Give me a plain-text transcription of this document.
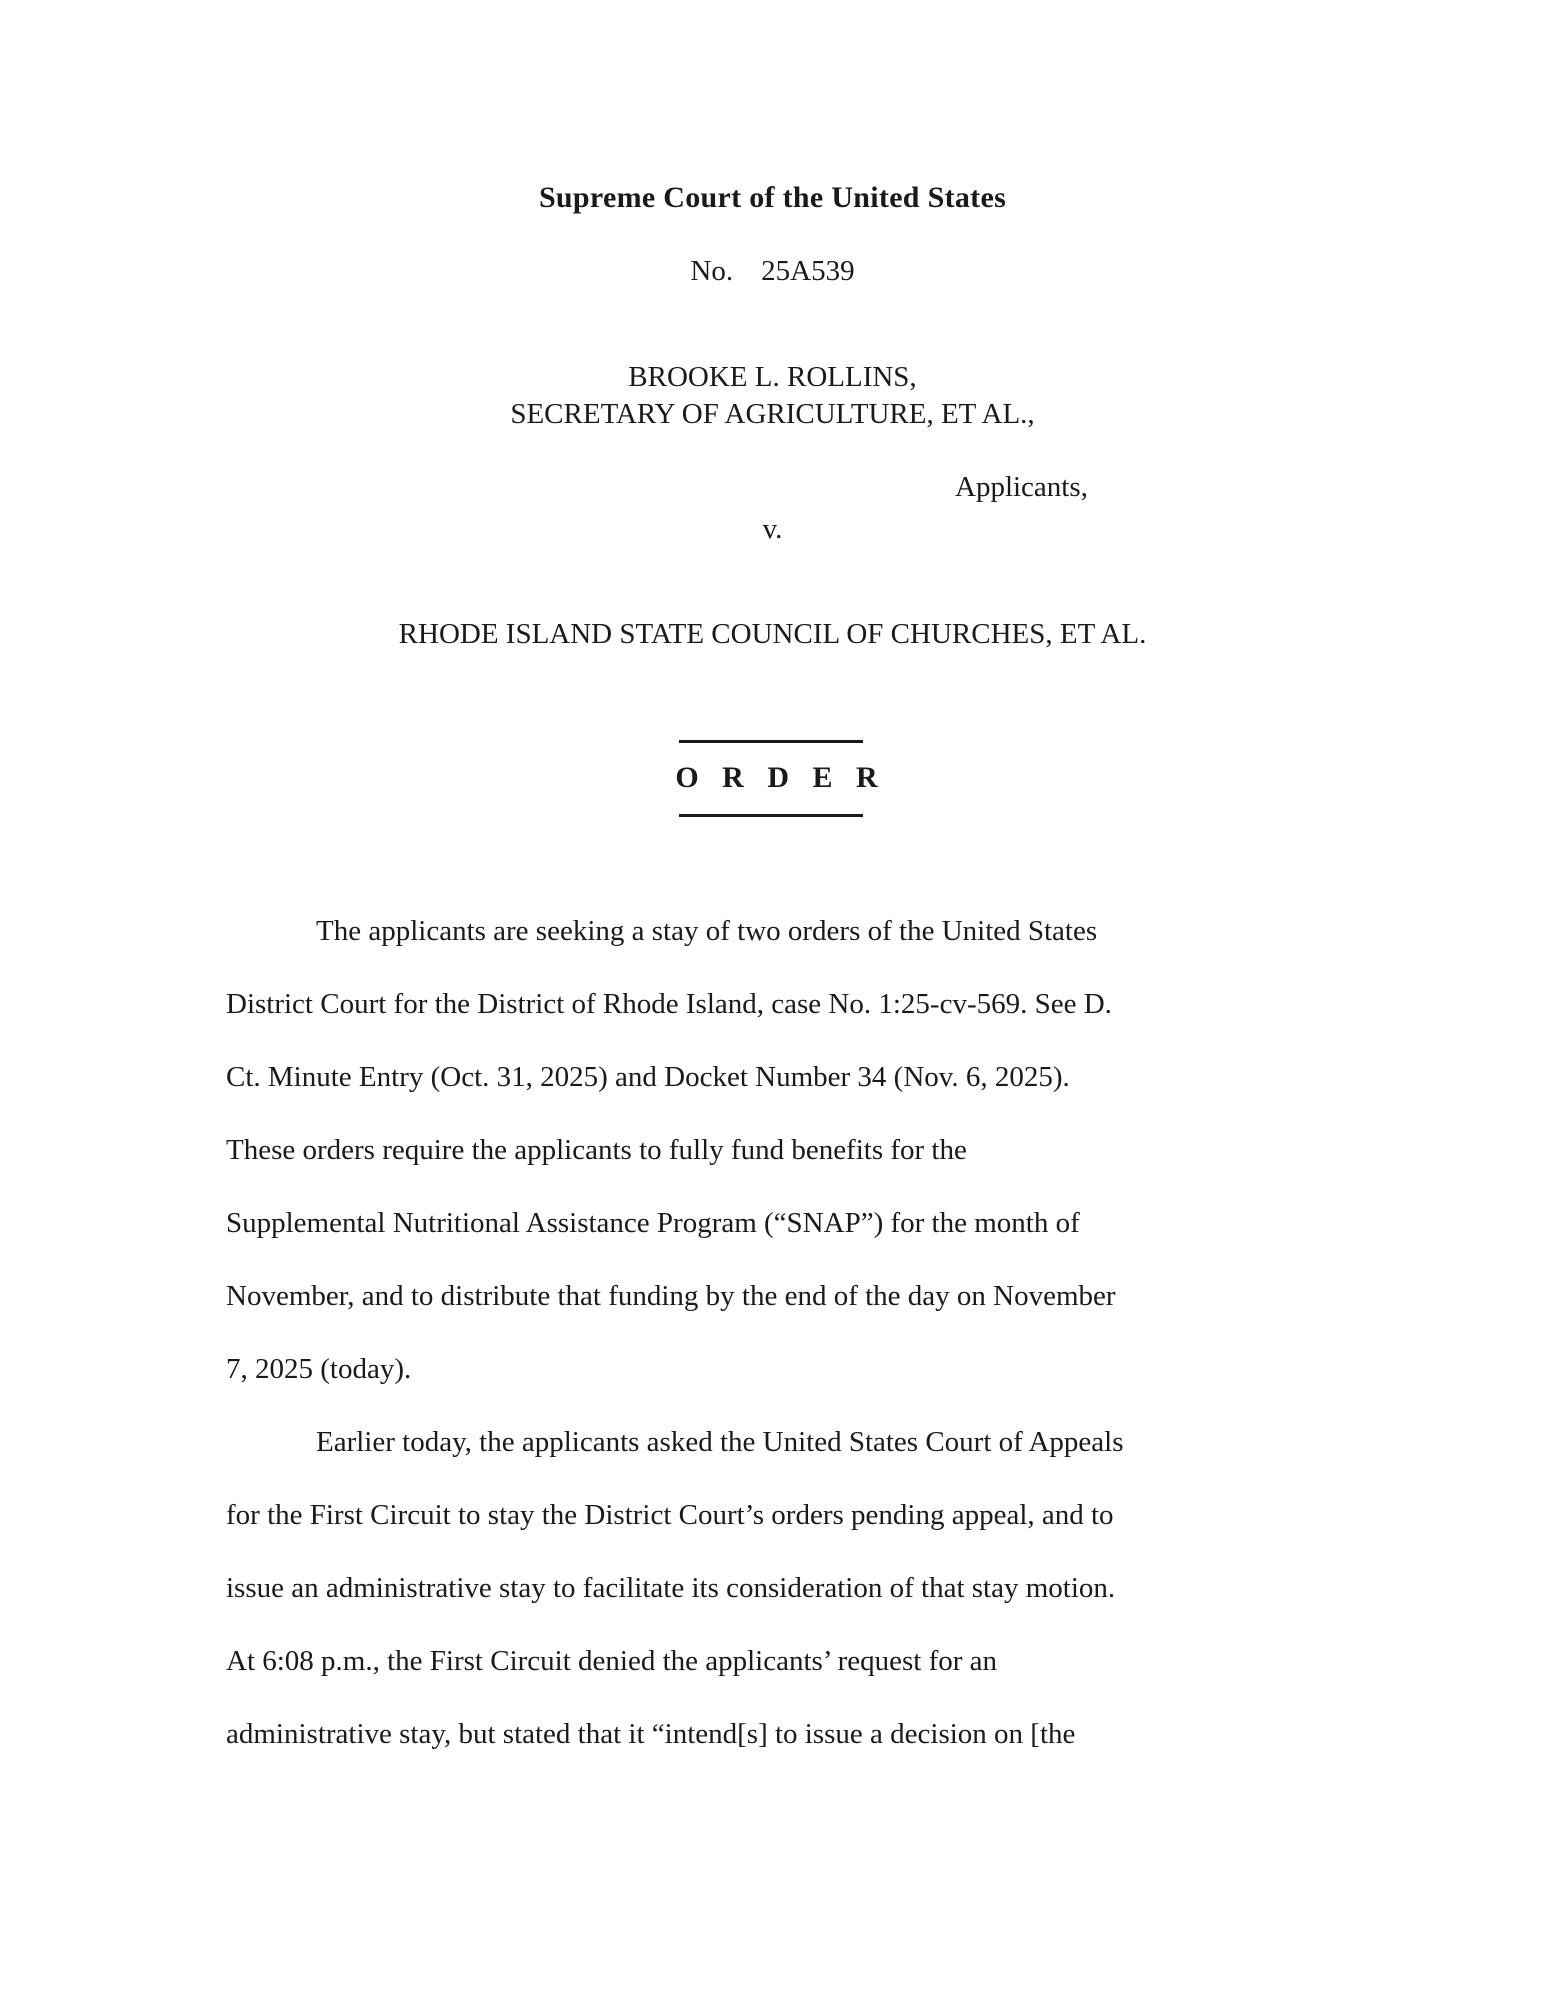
Supreme Court of the United States
No. 25A539
BROOKE L. ROLLINS,
SECRETARY OF AGRICULTURE, ET AL.,
Applicants,
v.
RHODE ISLAND STATE COUNCIL OF CHURCHES, ET AL.
O R D E R
The applicants are seeking a stay of two orders of the United States
District Court for the District of Rhode Island, case No. 1:25-cv-569. See D.
Ct. Minute Entry (Oct. 31, 2025) and Docket Number 34 (Nov. 6, 2025).
These orders require the applicants to fully fund benefits for the
Supplemental Nutritional Assistance Program (“SNAP”) for the month of
November, and to distribute that funding by the end of the day on November
7, 2025 (today).
Earlier today, the applicants asked the United States Court of Appeals
for the First Circuit to stay the District Court’s orders pending appeal, and to
issue an administrative stay to facilitate its consideration of that stay motion.
At 6:08 p.m., the First Circuit denied the applicants’ request for an
administrative stay, but stated that it “intend[s] to issue a decision on [the
